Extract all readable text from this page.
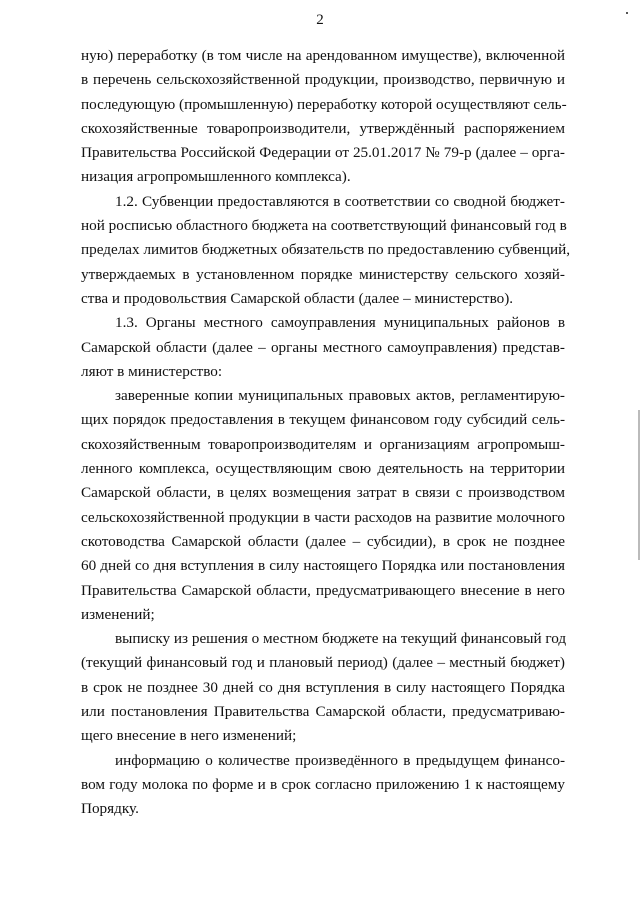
2
ную) переработку (в том числе на арендованном имуществе), включенной
в перечень сельскохозяйственной продукции, производство, первичную и
последующую (промышленную) переработку которой осуществляют сель-
скохозяйственные товаропроизводители, утверждённый распоряжением
Правительства Российской Федерации от 25.01.2017 № 79-р (далее – орга-
низация агропромышленного комплекса).
1.2. Субвенции предоставляются в соответствии со сводной бюджет-
ной росписью областного бюджета на соответствующий финансовый год в
пределах лимитов бюджетных обязательств по предоставлению субвенций,
утверждаемых в установленном порядке министерству сельского хозяй-
ства и продовольствия Самарской области (далее – министерство).
1.3. Органы местного самоуправления муниципальных районов в
Самарской области (далее – органы местного самоуправления) представ-
ляют в министерство:
заверенные копии муниципальных правовых актов, регламентирую-
щих порядок предоставления в текущем финансовом году субсидий сель-
скохозяйственным товаропроизводителям и организациям агропромыш-
ленного комплекса, осуществляющим свою деятельность на территории
Самарской области, в целях возмещения затрат в связи с производством
сельскохозяйственной продукции в части расходов на развитие молочного
скотоводства Самарской области (далее – субсидии), в срок не позднее
60 дней со дня вступления в силу настоящего Порядка или постановления
Правительства Самарской области, предусматривающего внесение в него
изменений;
выписку из решения о местном бюджете на текущий финансовый год
(текущий финансовый год и плановый период) (далее – местный бюджет)
в срок не позднее 30 дней со дня вступления в силу настоящего Порядка
или постановления Правительства Самарской области, предусматриваю-
щего внесение в него изменений;
информацию о количестве произведённого в предыдущем финансо-
вом году молока по форме и в срок согласно приложению 1 к настоящему
Порядку.
